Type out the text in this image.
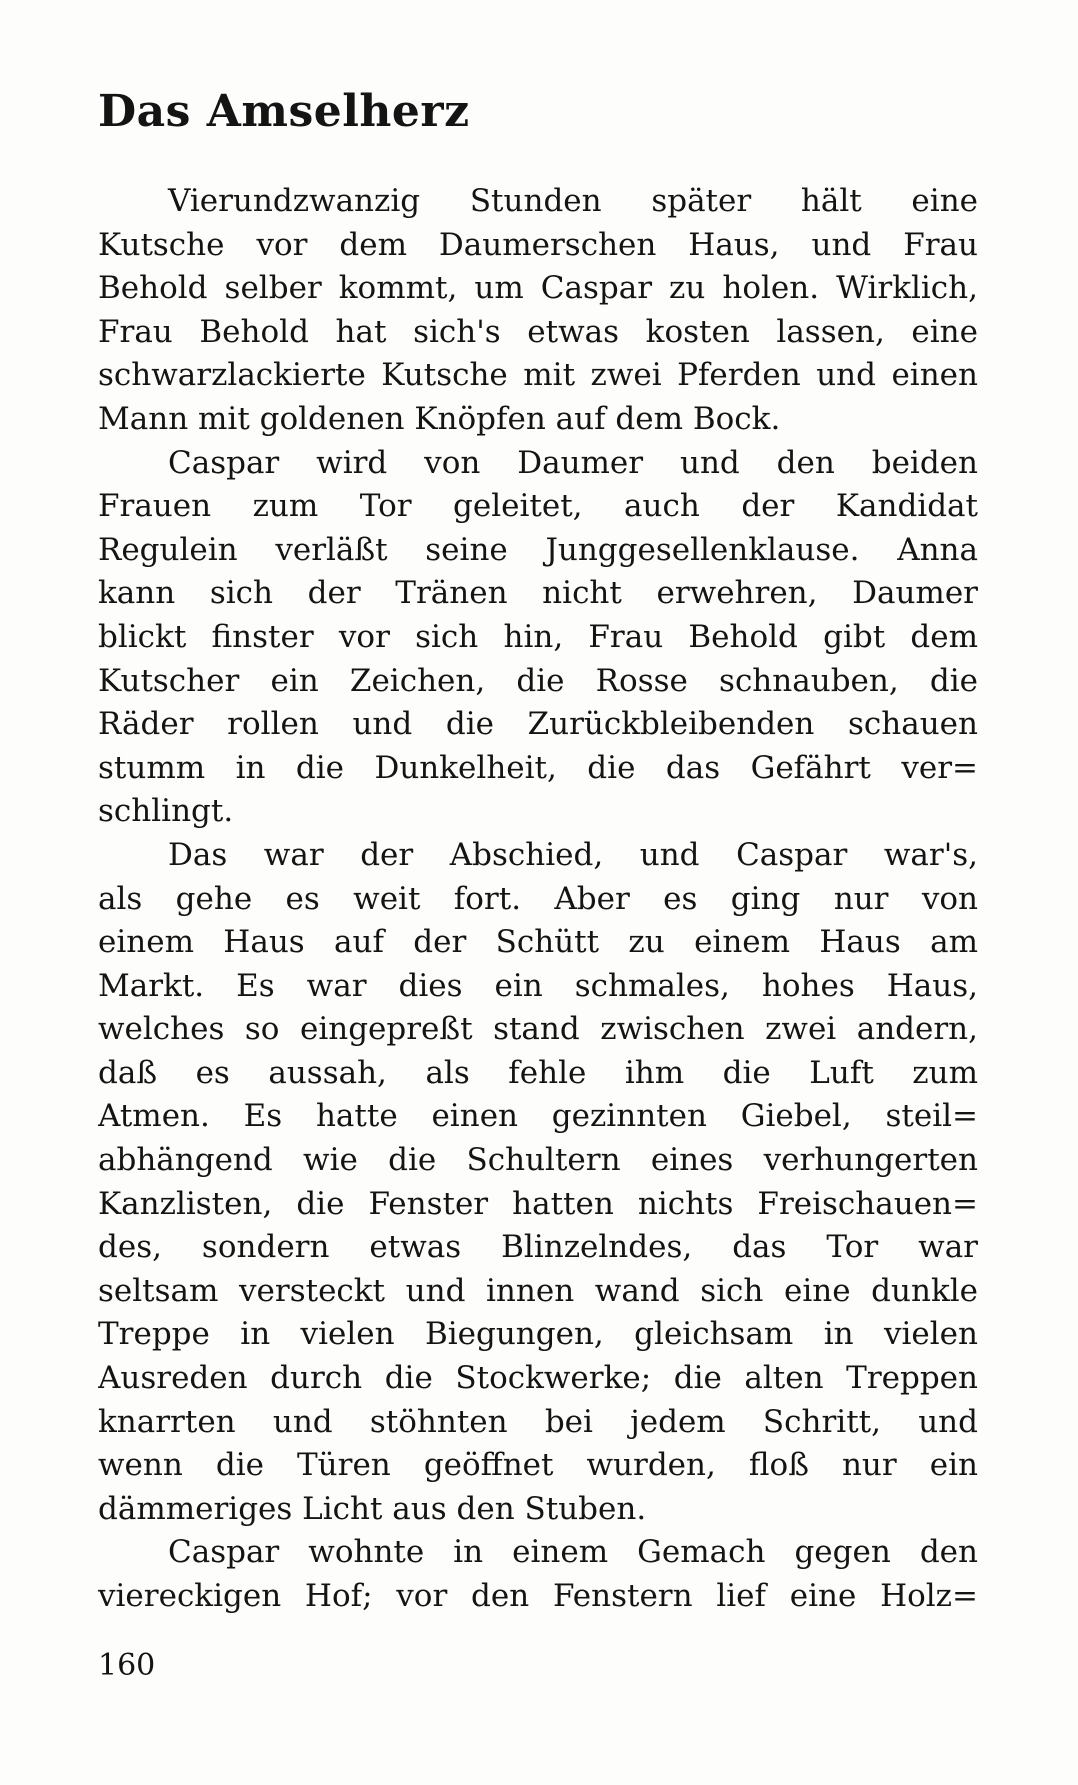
Das Amselherz
Vierundzwanzig Stunden später hält eine
Kutsche vor dem Daumerschen Haus, und Frau
Behold selber kommt, um Caspar zu holen. Wirklich,
Frau Behold hat sich's etwas kosten lassen, eine
schwarzlackierte Kutsche mit zwei Pferden und einen
Mann mit goldenen Knöpfen auf dem Bock.
Caspar wird von Daumer und den beiden
Frauen zum Tor geleitet, auch der Kandidat
Regulein verläßt seine Junggesellenklause. Anna
kann sich der Tränen nicht erwehren, Daumer
blickt finster vor sich hin, Frau Behold gibt dem
Kutscher ein Zeichen, die Rosse schnauben, die
Räder rollen und die Zurückbleibenden schauen
stumm in die Dunkelheit, die das Gefährt ver=
schlingt.
Das war der Abschied, und Caspar war's,
als gehe es weit fort. Aber es ging nur von
einem Haus auf der Schütt zu einem Haus am
Markt. Es war dies ein schmales, hohes Haus,
welches so eingepreßt stand zwischen zwei andern,
daß es aussah, als fehle ihm die Luft zum
Atmen. Es hatte einen gezinnten Giebel, steil=
abhängend wie die Schultern eines verhungerten
Kanzlisten, die Fenster hatten nichts Freischauen=
des, sondern etwas Blinzelndes, das Tor war
seltsam versteckt und innen wand sich eine dunkle
Treppe in vielen Biegungen, gleichsam in vielen
Ausreden durch die Stockwerke; die alten Treppen
knarrten und stöhnten bei jedem Schritt, und
wenn die Türen geöffnet wurden, floß nur ein
dämmeriges Licht aus den Stuben.
Caspar wohnte in einem Gemach gegen den
viereckigen Hof; vor den Fenstern lief eine Holz=

160
